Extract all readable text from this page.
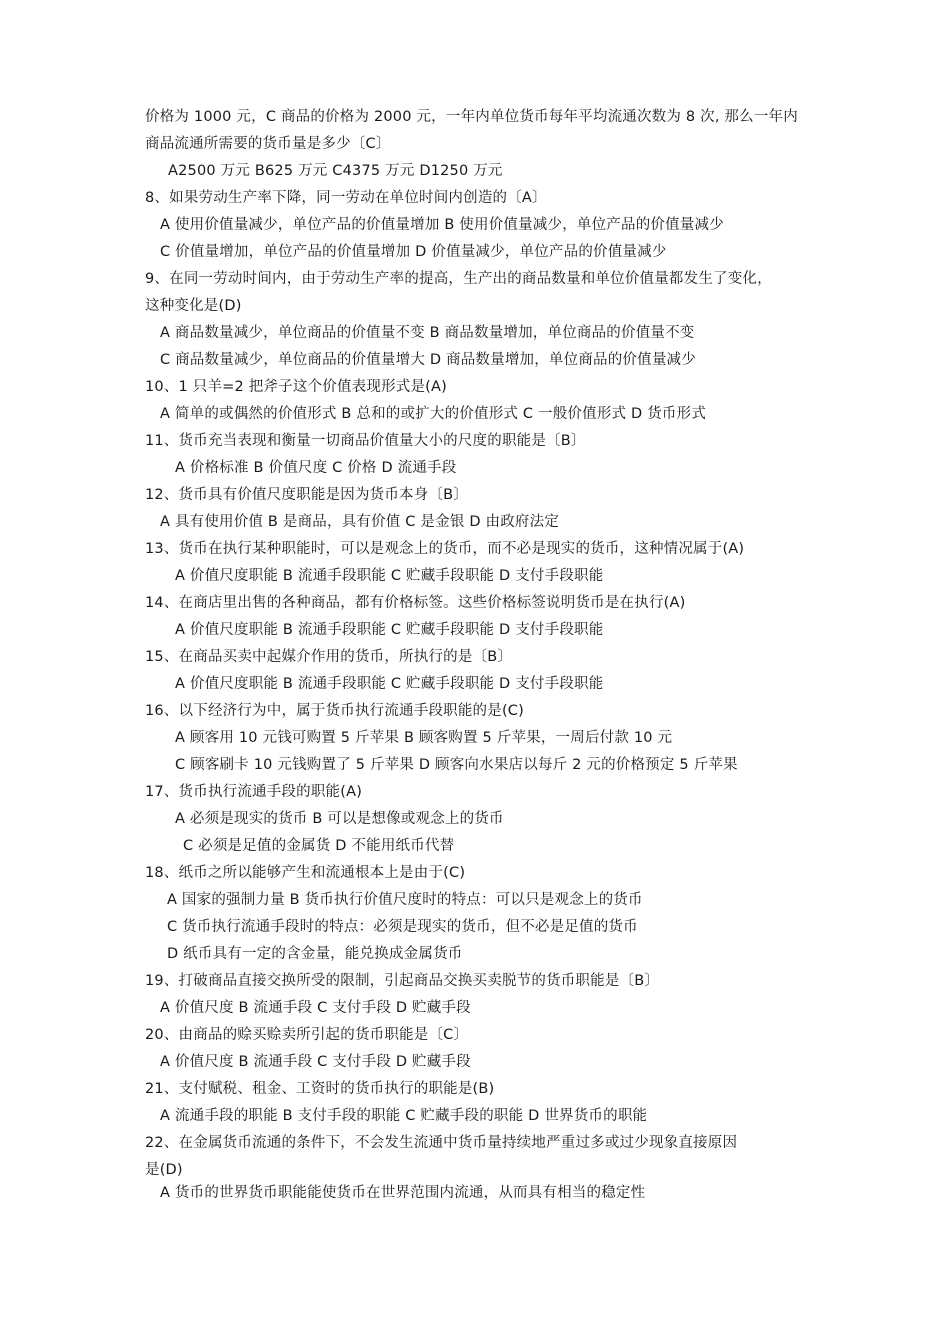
价格为 1000 元，C 商品的价格为 2000 元，一年内单位货币每年平均流通次数为 8 次, 那么一年内
商品流通所需要的货币量是多少〔C〕
A2500 万元 B625 万元 C4375 万元 D1250 万元
8、如果劳动生产率下降，同一劳动在单位时间内创造的〔A〕
A 使用价值量减少，单位产品的价值量增加 B 使用价值量减少，单位产品的价值量减少
C 价值量增加，单位产品的价值量增加 D 价值量减少，单位产品的价值量减少
9、在同一劳动时间内，由于劳动生产率的提高，生产出的商品数量和单位价值量都发生了变化，
这种变化是(D)
A 商品数量减少，单位商品的价值量不变 B 商品数量增加，单位商品的价值量不变
C 商品数量减少，单位商品的价值量增大 D 商品数量增加，单位商品的价值量减少
10、1 只羊=2 把斧子这个价值表现形式是(A)
A 简单的或偶然的价值形式 B 总和的或扩大的价值形式 C 一般价值形式 D 货币形式
11、货币充当表现和衡量一切商品价值量大小的尺度的职能是〔B〕
A 价格标准 B 价值尺度 C 价格 D 流通手段
12、货币具有价值尺度职能是因为货币本身〔B〕
A 具有使用价值 B 是商品，具有价值 C 是金银 D 由政府法定
13、货币在执行某种职能时，可以是观念上的货币，而不必是现实的货币，这种情况属于(A)
A 价值尺度职能 B 流通手段职能 C 贮藏手段职能 D 支付手段职能
14、在商店里出售的各种商品，都有价格标签。这些价格标签说明货币是在执行(A)
A 价值尺度职能 B 流通手段职能 C 贮藏手段职能 D 支付手段职能
15、在商品买卖中起媒介作用的货币，所执行的是〔B〕
A 价值尺度职能 B 流通手段职能 C 贮藏手段职能 D 支付手段职能
16、以下经济行为中，属于货币执行流通手段职能的是(C)
A 顾客用 10 元钱可购置 5 斤苹果 B 顾客购置 5 斤苹果，一周后付款 10 元
C 顾客刷卡 10 元钱购置了 5 斤苹果 D 顾客向水果店以每斤 2 元的价格预定 5 斤苹果
17、货币执行流通手段的职能(A)
A 必须是现实的货币 B 可以是想像或观念上的货币
C 必须是足值的金属货 D 不能用纸币代替
18、纸币之所以能够产生和流通根本上是由于(C)
A 国家的强制力量 B 货币执行价值尺度时的特点：可以只是观念上的货币
C 货币执行流通手段时的特点：必须是现实的货币，但不必是足值的货币
D 纸币具有一定的含金量，能兑换成金属货币
19、打破商品直接交换所受的限制，引起商品交换买卖脱节的货币职能是〔B〕
A 价值尺度 B 流通手段 C 支付手段 D 贮藏手段
20、由商品的赊买赊卖所引起的货币职能是〔C〕
A 价值尺度 B 流通手段 C 支付手段 D 贮藏手段
21、支付赋税、租金、工资时的货币执行的职能是(B)
A 流通手段的职能 B 支付手段的职能 C 贮藏手段的职能 D 世界货币的职能
22、在金属货币流通的条件下，不会发生流通中货币量持续地严重过多或过少现象直接原因
是(D)
A 货币的世界货币职能能使货币在世界范围内流通，从而具有相当的稳定性
